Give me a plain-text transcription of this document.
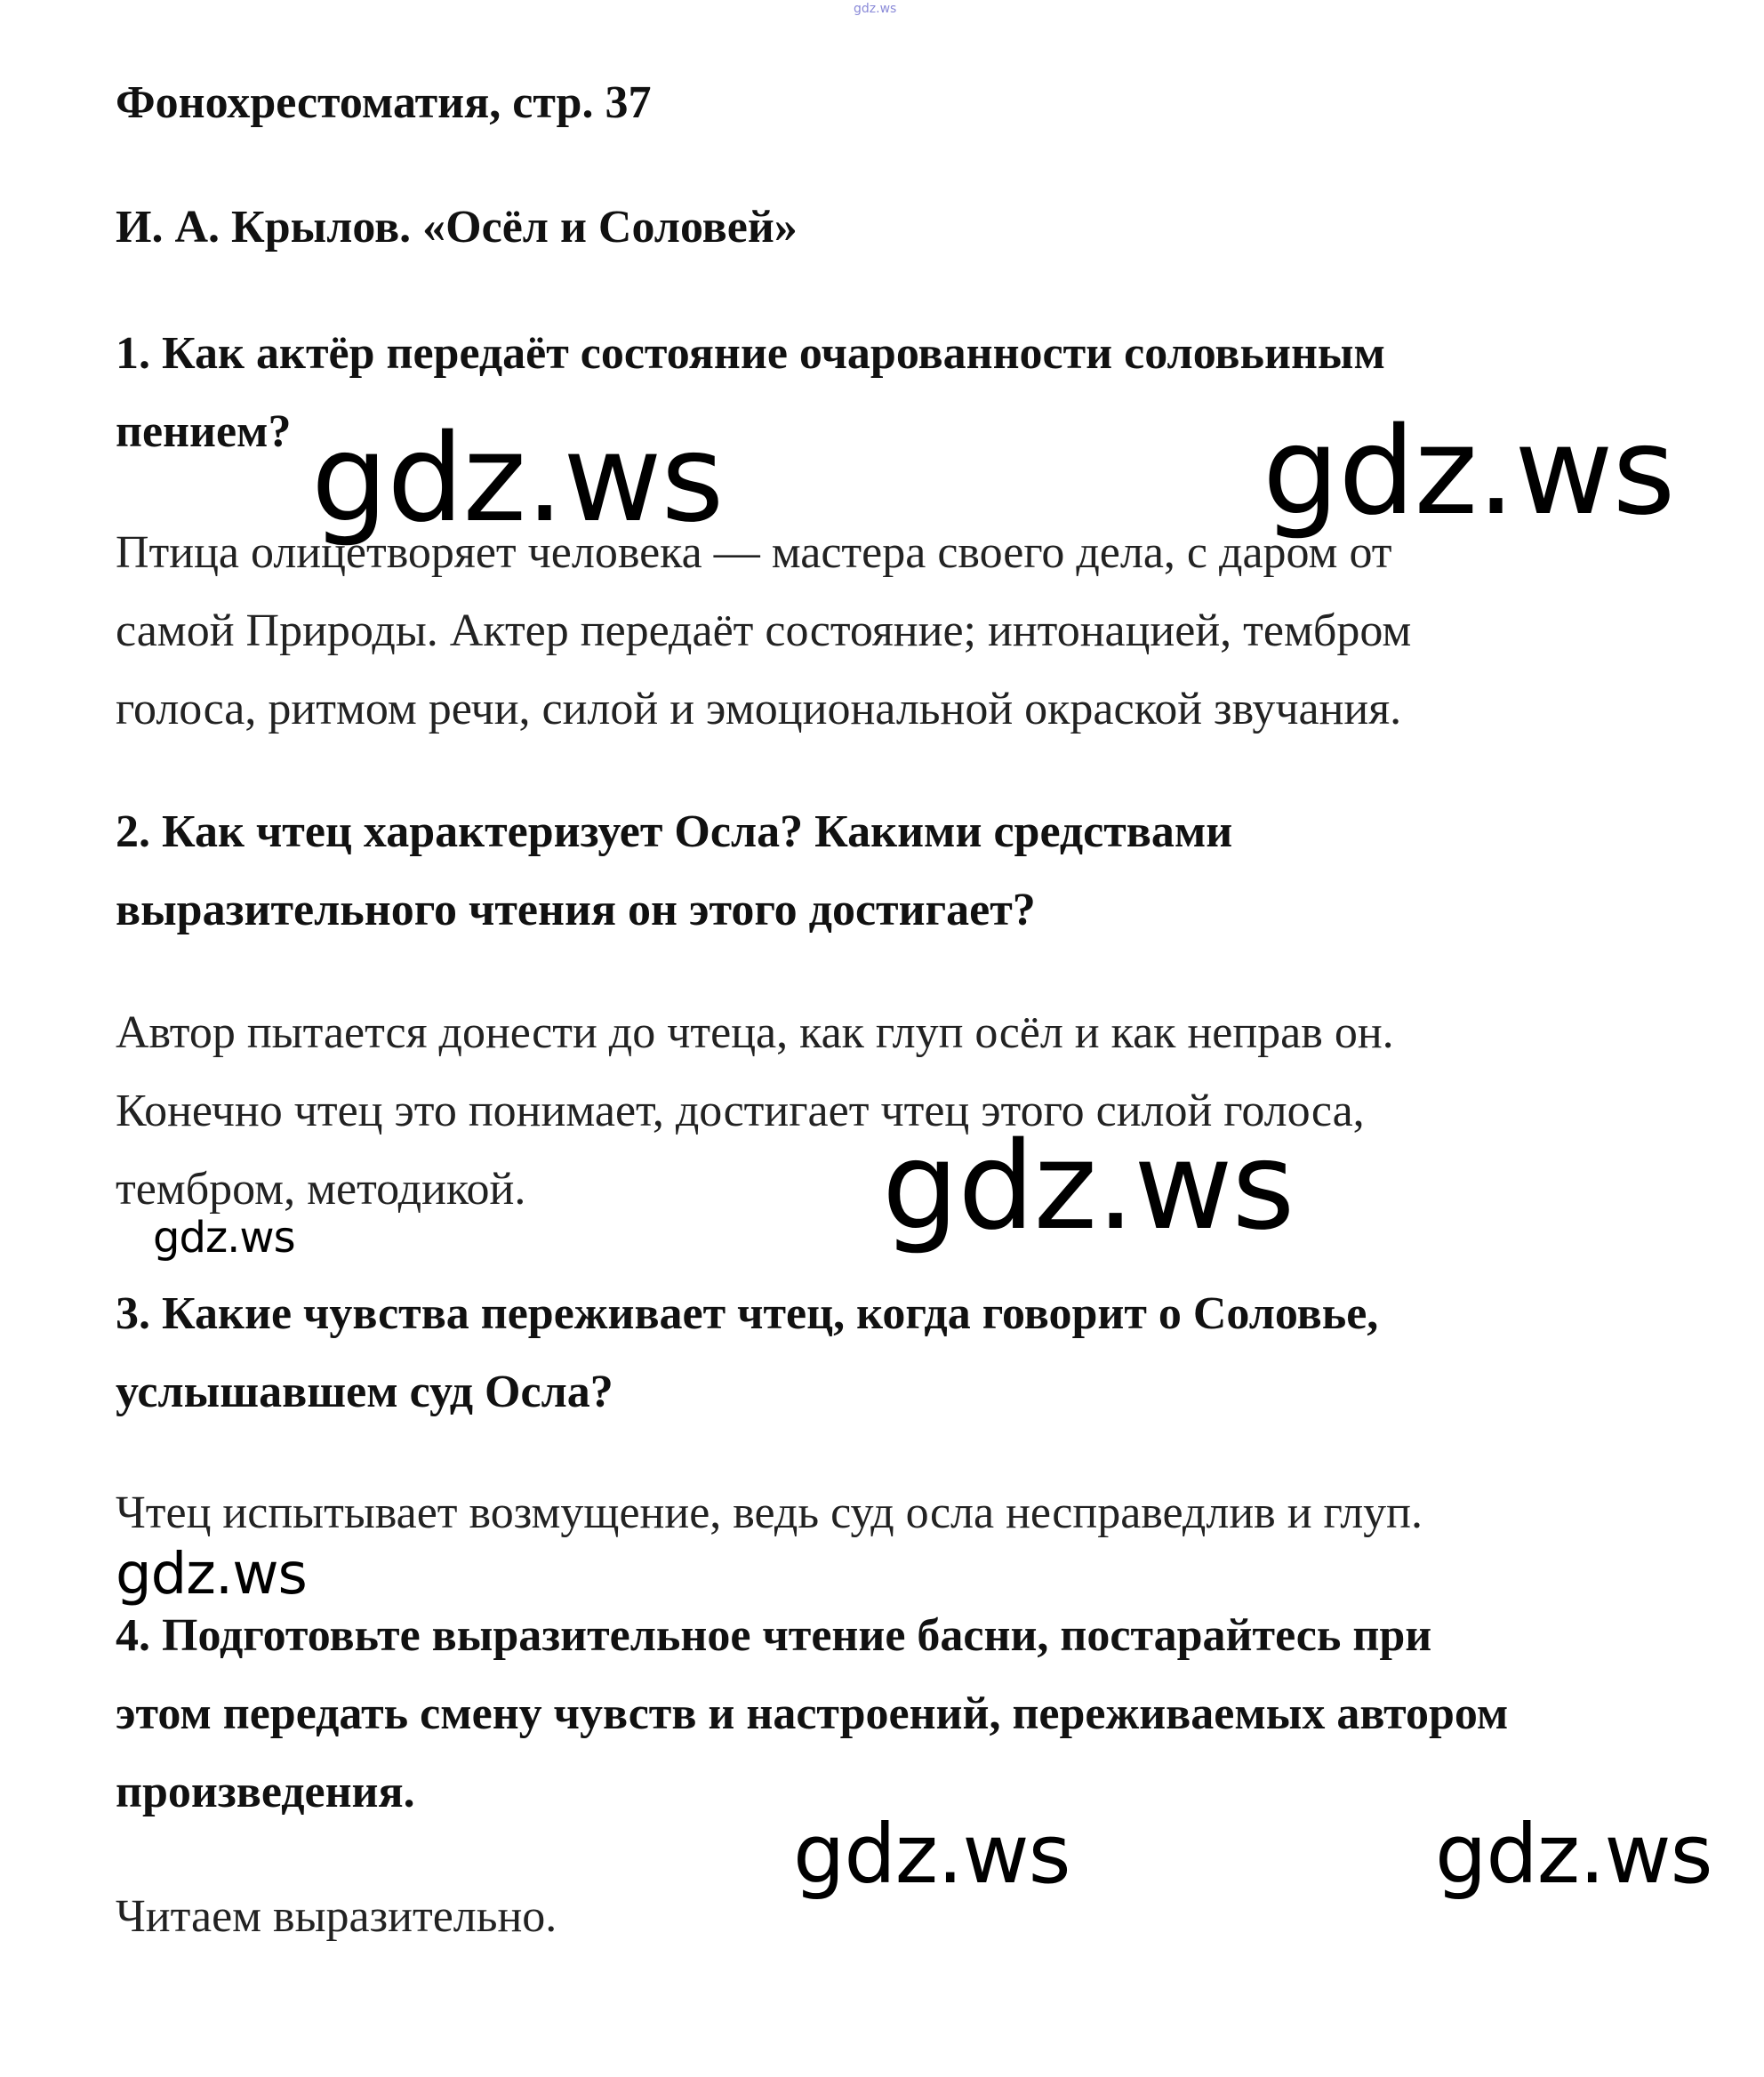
gdz.ws
Фонохрестоматия, стр. 37
И. А. Крылов. «Осёл и Соловей»
1. Как актёр передаёт состояние очарованности соловьиным
пением?
Птица олицетворяет человека — мастера своего дела, с даром от
самой Природы. Актер передаёт состояние; интонацией, тембром
голоса, ритмом речи, силой и эмоциональной окраской звучания.
2. Как чтец характеризует Осла? Какими средствами
выразительного чтения он этого достигает?
Автор пытается донести до чтеца, как глуп осёл и как неправ он.
Конечно чтец это понимает, достигает чтец этого силой голоса,
тембром, методикой.
3. Какие чувства переживает чтец, когда говорит о Соловье,
услышавшем суд Осла?
Чтец испытывает возмущение, ведь суд осла несправедлив и глуп.
4. Подготовьте выразительное чтение басни, постарайтесь при
этом передать смену чувств и настроений, переживаемых автором
произведения.
Читаем выразительно.
gdz.ws	gdz.ws
gdz.ws
gdz.ws
gdz.ws
gdz.ws	gdz.ws
